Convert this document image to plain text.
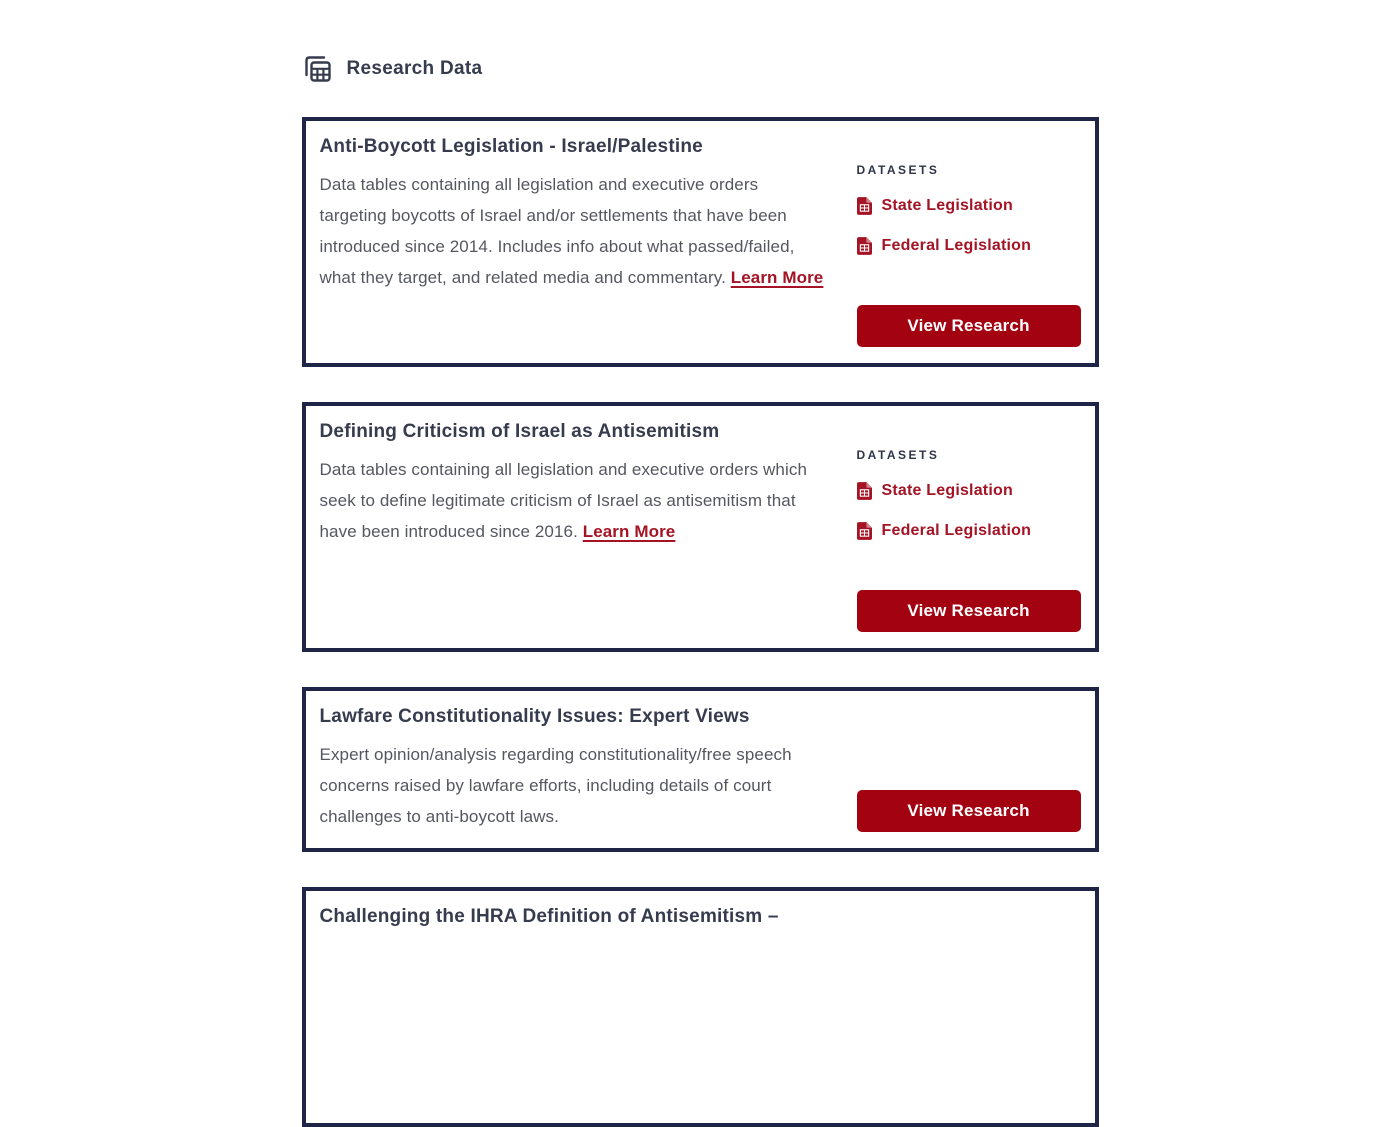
Research Data
Anti-Boycott Legislation - Israel/Palestine

Data tables containing all legislation and executive orders targeting boycotts of Israel and/or settlements that have been introduced since 2014. Includes info about what passed/failed, what they target, and related media and commentary. Learn More

DATASETS
State Legislation
Federal Legislation
View Research
Defining Criticism of Israel as Antisemitism

Data tables containing all legislation and executive orders which seek to define legitimate criticism of Israel as antisemitism that have been introduced since 2016. Learn More

DATASETS
State Legislation
Federal Legislation
View Research
Lawfare Constitutionality Issues: Expert Views

Expert opinion/analysis regarding constitutionality/free speech concerns raised by lawfare efforts, including details of court challenges to anti-boycott laws.	View Research
Challenging the IHRA Definition of Antisemitism –
